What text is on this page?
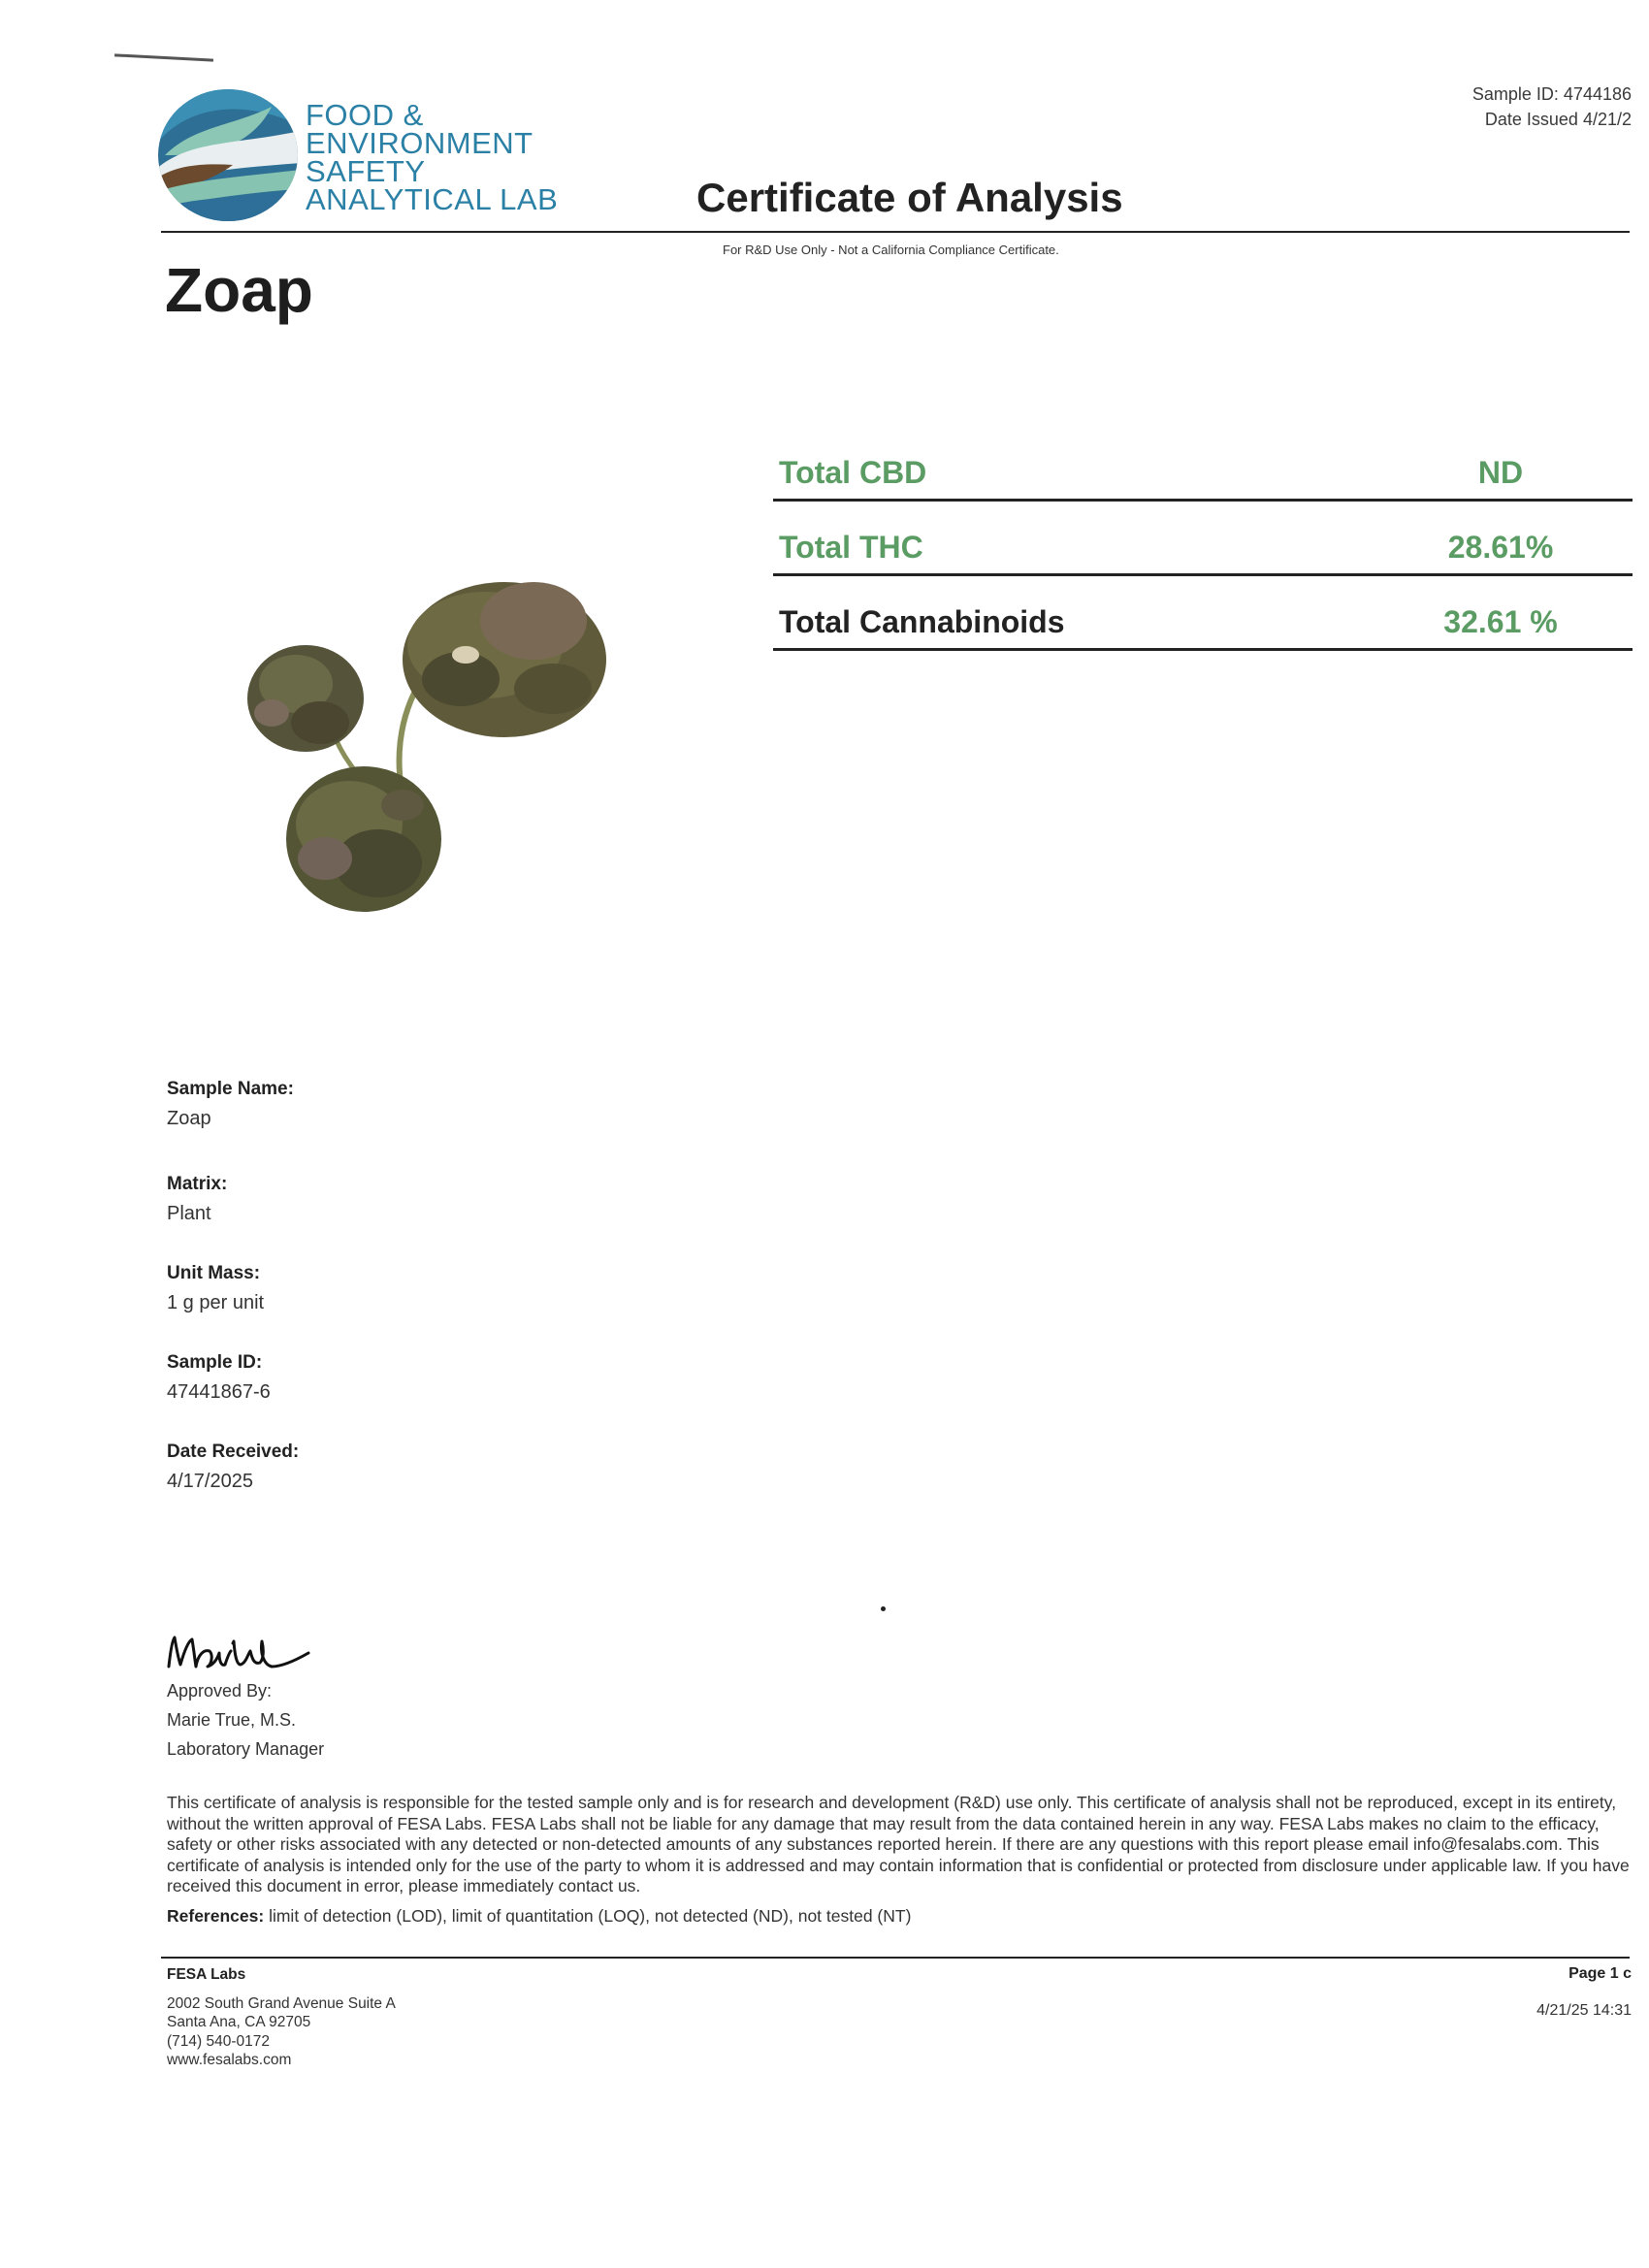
FOOD &
ENVIRONMENT
SAFETY
ANALYTICAL LAB
Sample ID: 4744186
Date Issued 4/21/2
Certificate of Analysis
For R&D Use Only - Not a California Compliance Certificate.
Zoap
Total CBD	ND
Total THC	28.61%
Total Cannabinoids	32.61 %
Sample Name:
Zoap
Matrix:
Plant
Unit Mass:
1 g per unit
Sample ID:
47441867-6
Date Received:
4/17/2025
Approved By:
Marie True, M.S.
Laboratory Manager
This certificate of analysis is responsible for the tested sample only and is for research and development (R&D) use only. This certificate of analysis shall not be reproduced, except in its entirety, without the written approval of FESA Labs. FESA Labs shall not be liable for any damage that may result from the data contained herein in any way. FESA Labs makes no claim to the efficacy, safety or other risks associated with any detected or non-detected amounts of any substances reported herein. If there are any questions with this report please email info@fesalabs.com. This certificate of analysis is intended only for the use of the party to whom it is addressed and may contain information that is confidential or protected from disclosure under applicable law. If you have received this document in error, please immediately contact us.
References: limit of detection (LOD), limit of quantitation (LOQ), not detected (ND), not tested (NT)
FESA Labs
2002 South Grand Avenue Suite A
Santa Ana, CA 92705
(714) 540-0172
www.fesalabs.com
Page 1 c
4/21/25 14:31
